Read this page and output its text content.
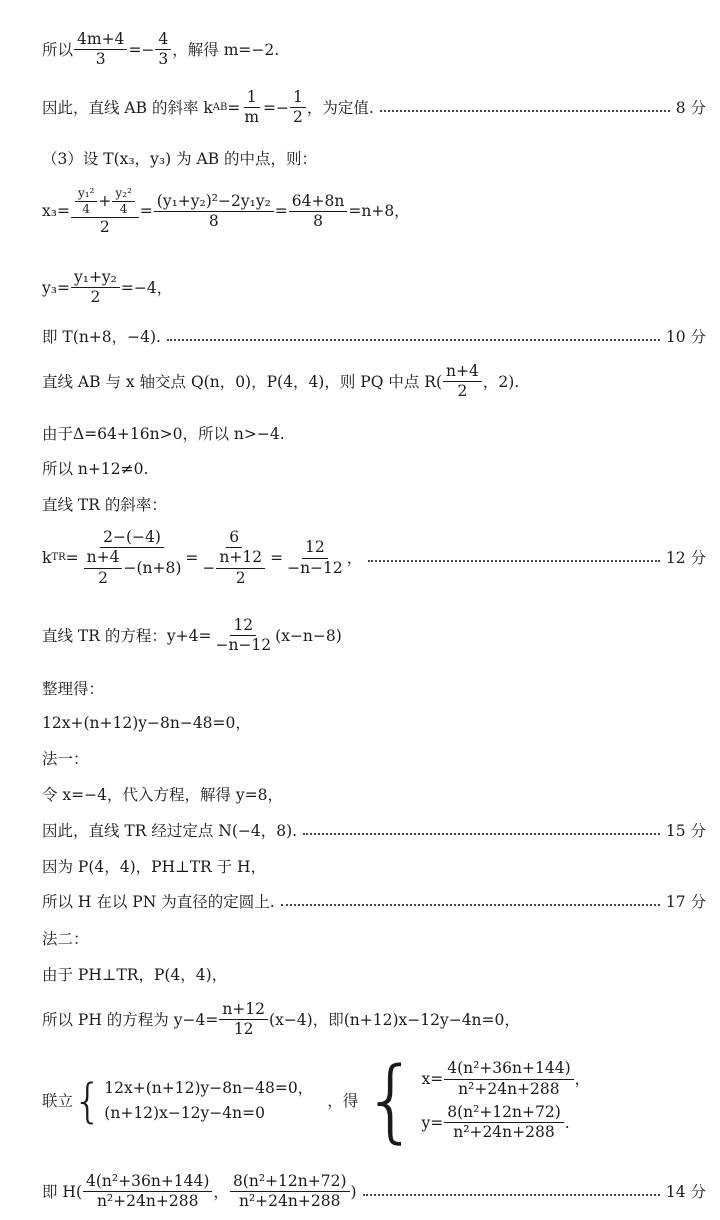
所以 $\frac{4m+4}{3} =- \frac{4}{3}$ ，解得 m=−2.
因此，直线 AB 的斜率 k AB = $\frac{1}{m} =- \frac{1}{2}$ ，为定值.	8 分
（3）设 T(x₃，y₃) 为 AB 的中点，则：
$x_3= \frac{\text{y₁²}}{4} + \frac{\text{y₂²}}{4}$
2
= $\frac{\text{(y₁+y₂)²−2y₁y₂}}{8} = \frac{64+8n}{8} =n+8$，
$y_3= \frac{\text{y₁+y₂}}{2} =-4$，
即 T(n+8，−4).	10 分
直线 AB 与 x 轴交点 Q(n，0)，P(4，4)，则 PQ 中点 $R( \frac{n+4}{2}$ ，2).
由于Δ=64+16n>0，所以 n>−4.
所以 n+12≠0.
直线 TR 的斜率：
k TR = $\frac{2-(-4)}{\frac{n+4}{2} -(n+8)} = \frac{6}{- \frac{n+12}{2}} = \frac{12}{-n-12}$ ，	12 分
直线 TR 的方程：$y+4= \frac{12}{-n-12} (x-n-8)$
整理得：
12x+(n+12)y−8n−48=0，
法一：
令 x=−4，代入方程，解得 y=8，
因此，直线 TR 经过定点 N(−4，8).	15 分
因为 P(4，4)，PH⊥TR 于 H，
所以 H 在以 PN 为直径的定圆上.	17 分
法二：
由于 PH⊥TR，P(4，4)，
所以 PH 的方程为 $y-4= \frac{n+12}{12} (x-4)$，即(n+12)x−12y−4n=0，
联立 { 12x+(n+12)y−8n−48=0，
(n+12)x−12y−4n=0
，得 { $x= \frac{\text{4(n²+36n+144)}}{\text{n²+24n+288}}$ ，
$y= \frac{\text{8(n²+12n+72)}}{\text{n²+24n+288}}$ .
即 $H( \frac{\text{4(n²+36n+144)}}{\text{n²+24n+288}}$ ， $\frac{\text{8(n²+12n+72)}}{\text{n²+24n+288}}$ )	14 分
